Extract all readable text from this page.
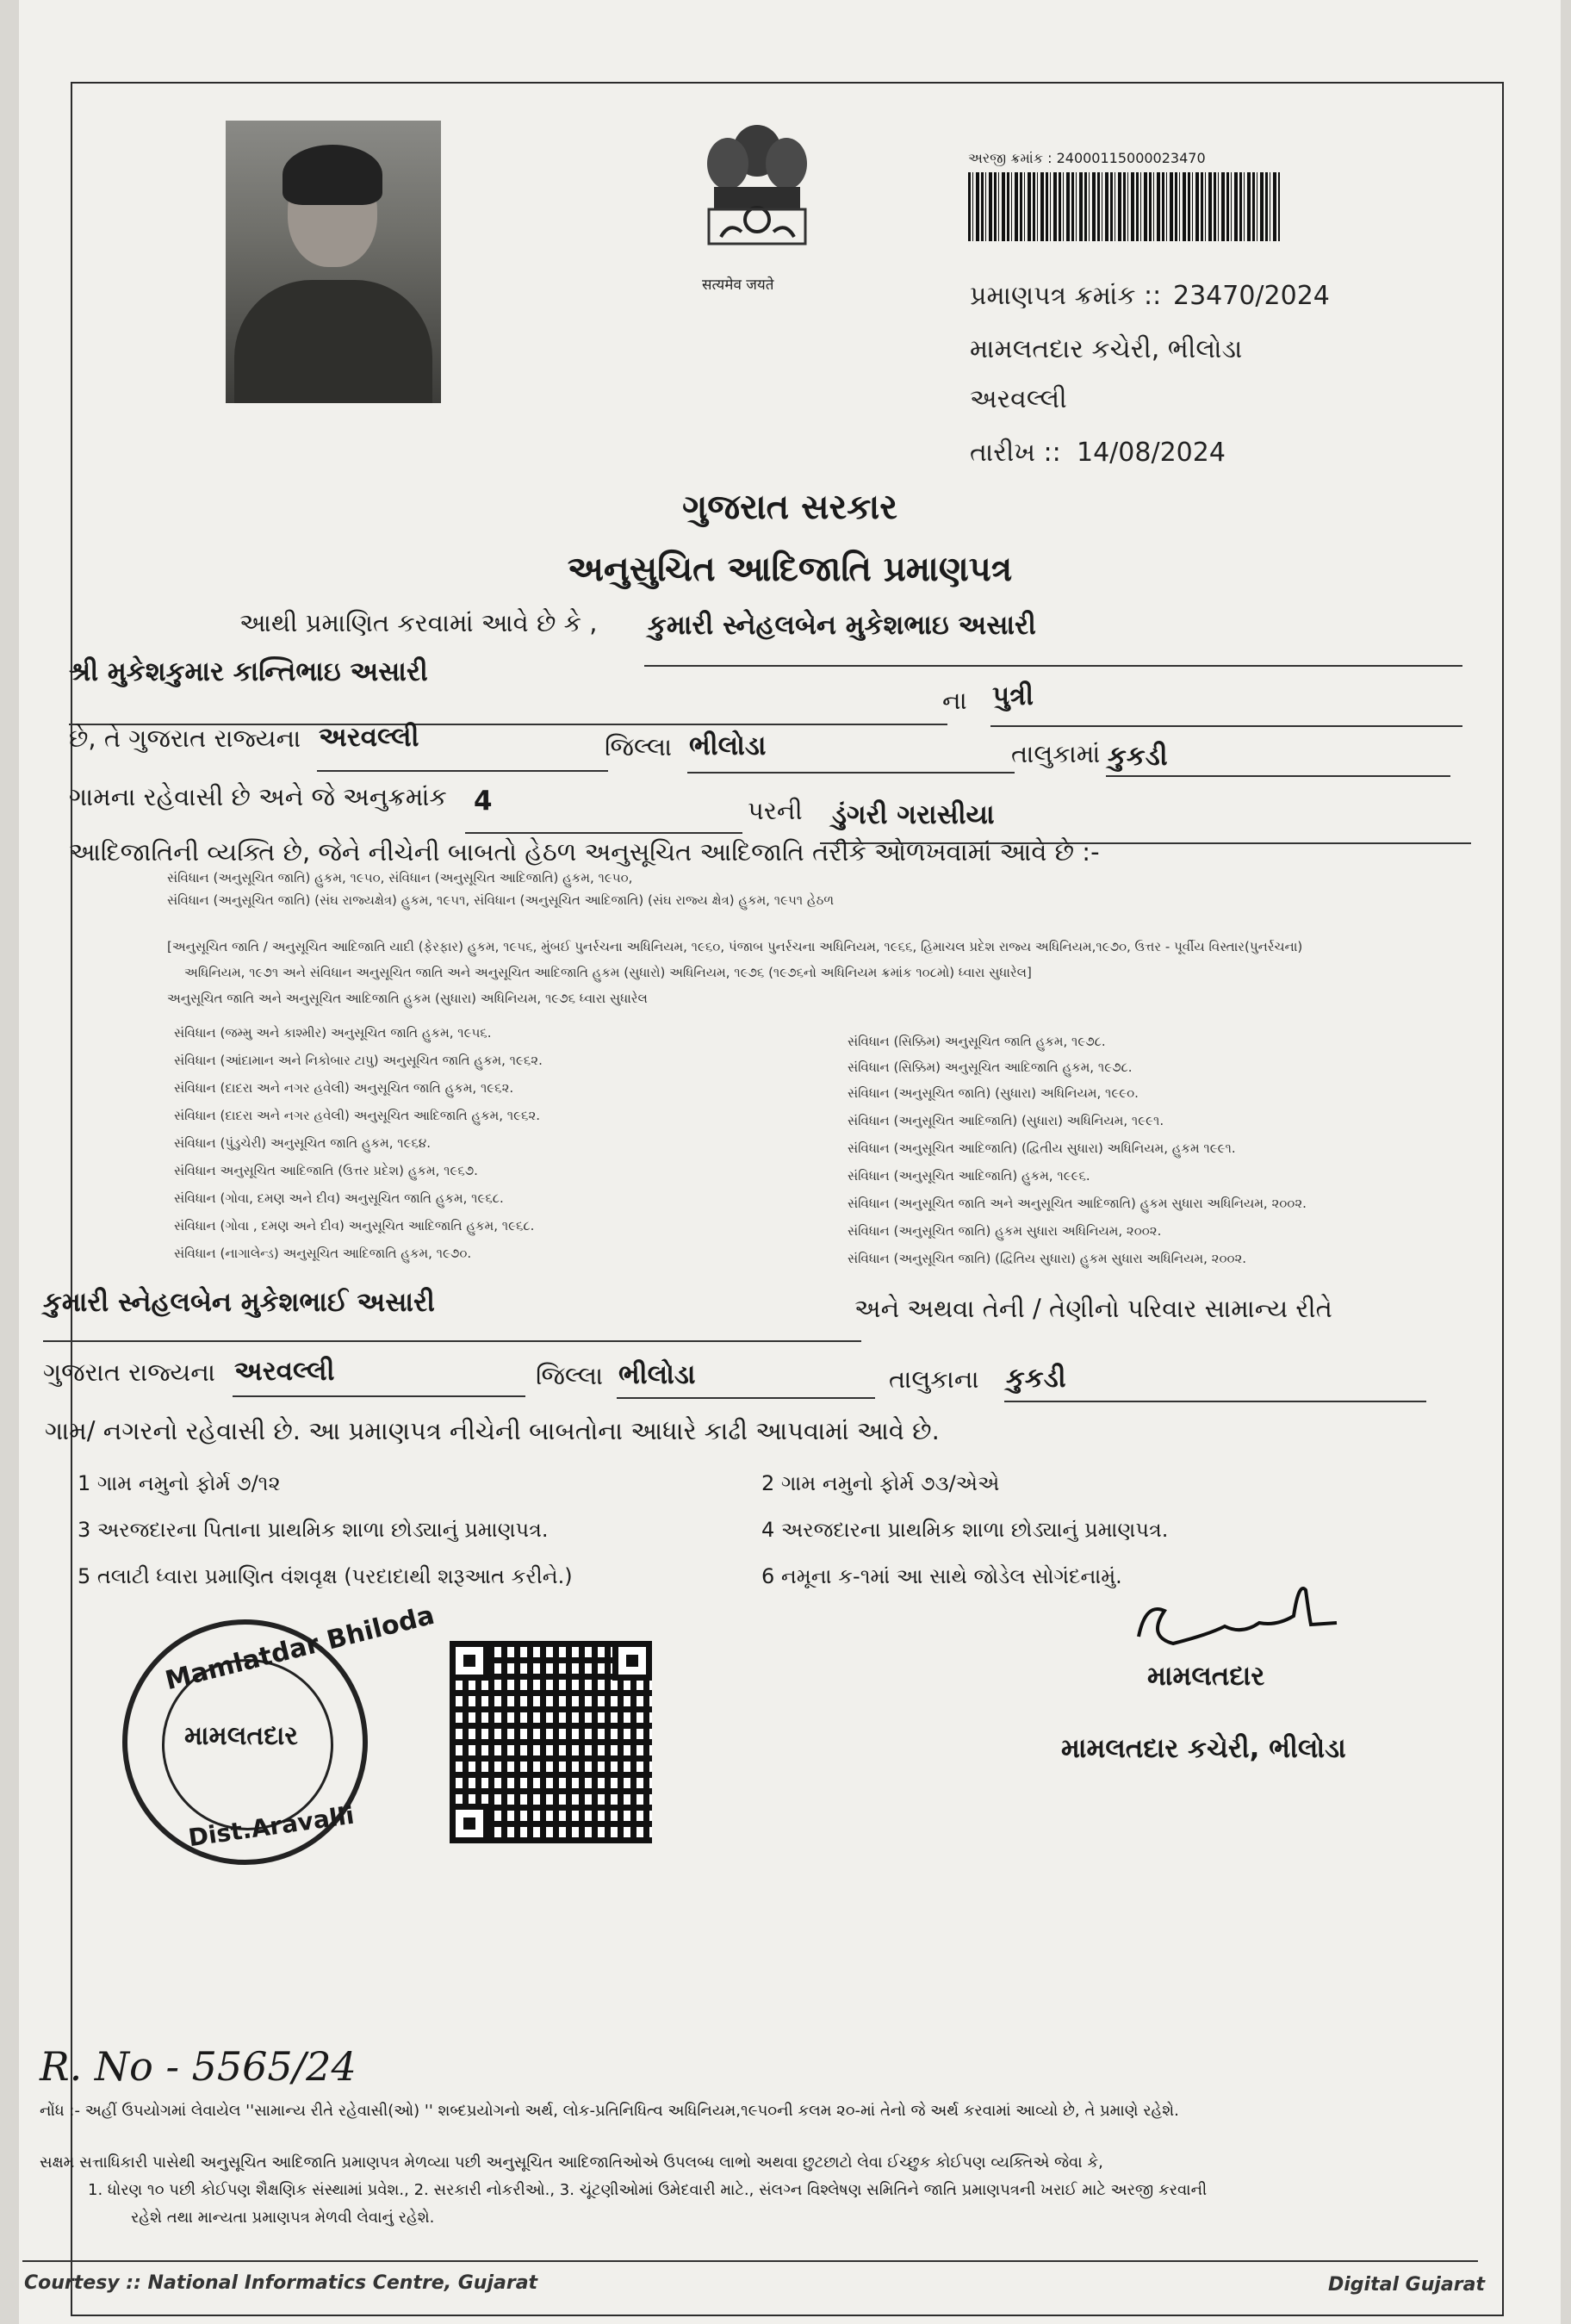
सत्यमेव जयते
અરજી ક્રમાંક : 24000115000023470
પ્રમાણપત્ર ક્રમાંક :: 23470/2024
મામલતદાર કચેરી, ભીલોડા
અરવલ્લી
તારીખ :: 14/08/2024
ગુજરાત સરકાર
અનુસુચિત આદિજાતિ પ્રમાણપત્ર
આથી પ્રમાણિત કરવામાં આવે છે કે , કુમારી સ્નેહલબેન મુકેશભાઇ અસારી
શ્રી મુકેશકુમાર કાન્તિભાઇ અસારી
ના પુત્રી
છે, તે ગુજરાત રાજ્યના અરવલ્લી	જિલ્લા ભીલોડા	તાલુકામાં કુકડી
ગામના રહેવાસી છે અને જે અનુક્રમાંક 4	પરની ડુંગરી ગરાસીયા
આદિજાતિની વ્યક્તિ છે, જેને નીચેની બાબતો હેઠળ અનુસૂચિત આદિજાતિ તરીકે ઓળખવામાં આવે છે :-
સંવિધાન (અનુસૂચિત જાતિ) હુકમ, ૧૯૫૦, સંવિધાન (અનુસૂચિત આદિજાતિ) હુકમ, ૧૯૫૦,
સંવિધાન (અનુસૂચિત જાતિ) (સંઘ રાજ્યક્ષેત્ર) હુકમ, ૧૯૫૧, સંવિધાન (અનુસૂચિત આદિજાતિ) (સંઘ રાજ્ય ક્ષેત્ર) હુકમ, ૧૯૫૧ હેઠળ
[અનુસૂચિત જાતિ / અનુસૂચિત આદિજાતિ યાદી (ફેરફાર) હુકમ, ૧૯૫૬, મુંબઈ પુનર્રચના અધિનિયમ, ૧૯૬૦, પંજાબ પુનર્રચના અધિનિયમ, ૧૯૬૬, હિમાચલ પ્રદેશ રાજ્ય અધિનિયમ,૧૯૭૦, ઉત્તર - પૂર્વીય વિસ્તાર(પુનર્રચના)
અધિનિયમ, ૧૯૭૧ અને સંવિધાન અનુસૂચિત જાતિ અને અનુસૂચિત આદિજાતિ હુકમ (સુધારો) અધિનિયમ, ૧૯૭૬ (૧૯૭૬નો અધિનિયમ ક્રમાંક ૧૦૮મો) ધ્વારા સુધારેલ]
અનુસૂચિત જાતિ અને અનુસૂચિત આદિજાતિ હુકમ (સુધારા) અધિનિયમ, ૧૯૭૬ ધ્વારા સુધારેલ
સંવિધાન (જમ્મુ અને કાશ્મીર) અનુસૂચિત જાતિ હુકમ, ૧૯૫૬.
સંવિધાન (આંદામાન અને નિકોબાર ટાપુ) અનુસૂચિત જાતિ હુકમ, ૧૯૬૨.
સંવિધાન (દાદરા અને નગર હવેલી) અનુસૂચિત જાતિ હુકમ, ૧૯૬૨.
સંવિધાન (દાદરા અને નગર હવેલી) અનુસૂચિત આદિજાતિ હુકમ, ૧૯૬૨.
સંવિધાન (પુંડુચેરી) અનુસૂચિત જાતિ હુકમ, ૧૯૬૪.
સંવિધાન અનુસૂચિત આદિજાતિ (ઉત્તર પ્રદેશ) હુકમ, ૧૯૬૭.
સંવિધાન (ગોવા, દમણ અને દીવ) અનુસૂચિત જાતિ હુકમ, ૧૯૬૮.
સંવિધાન (ગોવા , દમણ અને દીવ) અનુસૂચિત આદિજાતિ હુકમ, ૧૯૬૮.
સંવિધાન (નાગાલેન્ડ) અનુસૂચિત આદિજાતિ હુકમ, ૧૯૭૦.
સંવિધાન (સિક્કિમ) અનુસૂચિત જાતિ હુકમ, ૧૯૭૮.
સંવિધાન (સિક્કિમ) અનુસૂચિત આદિજાતિ હુકમ, ૧૯૭૮.
સંવિધાન (અનુસૂચિત જાતિ) (સુધારા) અધિનિયમ, ૧૯૯૦.
સંવિધાન (અનુસૂચિત આદિજાતિ) (સુધારા) અધિનિયમ, ૧૯૯૧.
સંવિધાન (અનુસૂચિત આદિજાતિ) (દ્વિતીય સુધારા) અધિનિયમ, હુકમ ૧૯૯૧.
સંવિધાન (અનુસૂચિત આદિજાતિ) હુકમ, ૧૯૯૬.
સંવિધાન (અનુસૂચિત જાતિ અને અનુસૂચિત આદિજાતિ) હુકમ સુધારા અધિનિયમ, ૨૦૦૨.
સંવિધાન (અનુસૂચિત જાતિ) હુકમ સુધારા અધિનિયમ, ૨૦૦૨.
સંવિધાન (અનુસૂચિત જાતિ) (દ્વિતિય સુધારા) હુકમ સુધારા અધિનિયમ, ૨૦૦૨.
કુમારી સ્નેહલબેન મુકેશભાઈ અસારી	અને અથવા તેની / તેણીનો પરિવાર સામાન્ય રીતે
ગુજરાત રાજ્યના અરવલ્લી	જિલ્લા ભીલોડા	તાલુકાના કુકડી
ગામ/ નગરનો રહેવાસી છે. આ પ્રમાણપત્ર નીચેની બાબતોના આધારે કાઢી આપવામાં આવે છે.
1 ગામ નમુનો ફોર્મ ૭/૧૨	2 ગામ નમુનો ફોર્મ ૭૩/એએ
3 અરજદારના પિતાના પ્રાથમિક શાળા છોડ્યાનું પ્રમાણપત્ર.	4 અરજદારના પ્રાથમિક શાળા છોડ્યાનું પ્રમાણપત્ર.
5 તલાટી ધ્વારા પ્રમાણિત વંશવૃક્ષ (પરદાદાથી શરૂઆત કરીને.)	6 નમૂના ક-૧માં આ સાથે જોડેલ સોગંદનામું.
Mamlatdar Bhiloda
મામલતદાર
Dist.Aravalli
મામલતદાર
મામલતદાર કચેરી, ભીલોડા
R. No - 5565/24
નોંધ :- અહીં ઉપયોગમાં લેવાયેલ ''સામાન્ય રીતે રહેવાસી(ઓ) '' શબ્દપ્રયોગનો અર્થ, લોક-પ્રતિનિધિત્વ અધિનિયમ,૧૯૫૦ની કલમ ૨૦-માં તેનો જે અર્થ કરવામાં આવ્યો છે, તે પ્રમાણે રહેશે.
સક્ષમ સત્તાધિકારી પાસેથી અનુસૂચિત આદિજાતિ પ્રમાણપત્ર મેળવ્યા પછી અનુસૂચિત આદિજાતિઓએ ઉપલબ્ધ લાભો અથવા છુટછાટો લેવા ઈચ્છુક કોઈપણ વ્યક્તિએ જેવા કે,
1. ધોરણ ૧૦ પછી કોઈપણ શૈક્ષણિક સંસ્થામાં પ્રવેશ., 2. સરકારી નોકરીઓ., 3. ચૂંટણીઓમાં ઉમેદવારી માટે., સંલગ્ન વિશ્લેષણ સમિતિને જાતિ પ્રમાણપત્રની ખરાઈ માટે અરજી કરવાની
રહેશે તથા માન્યતા પ્રમાણપત્ર મેળવી લેવાનું રહેશે.
Courtesy :: National Informatics Centre, Gujarat	Digital Gujarat
